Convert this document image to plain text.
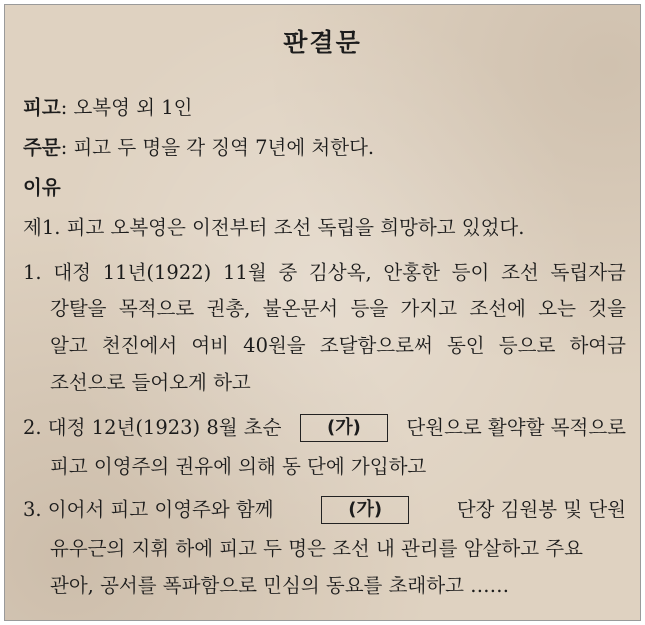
판결문
피고: 오복영 외 1인
주문: 피고 두 명을 각 징역 7년에 처한다.
이유
제1. 피고 오복영은 이전부터 조선 독립을 희망하고 있었다.
1. 대정 11년(1922) 11월 중 김상옥, 안홍한 등이 조선 독립자금
강탈을 목적으로 권총, 불온문서 등을 가지고 조선에 오는 것을
알고 천진에서 여비 40원을 조달함으로써 동인 등으로 하여금
조선으로 들어오게 하고
2. 대정 12년(1923) 8월 초순	(가)	단원으로 활약할 목적으로
피고 이영주의 권유에 의해 동 단에 가입하고
3. 이어서 피고 이영주와 함께	(가)	단장 김원봉 및 단원
유우근의 지휘 하에 피고 두 명은 조선 내 관리를 암살하고 주요
관아, 공서를 폭파함으로 민심의 동요를 초래하고 ……
